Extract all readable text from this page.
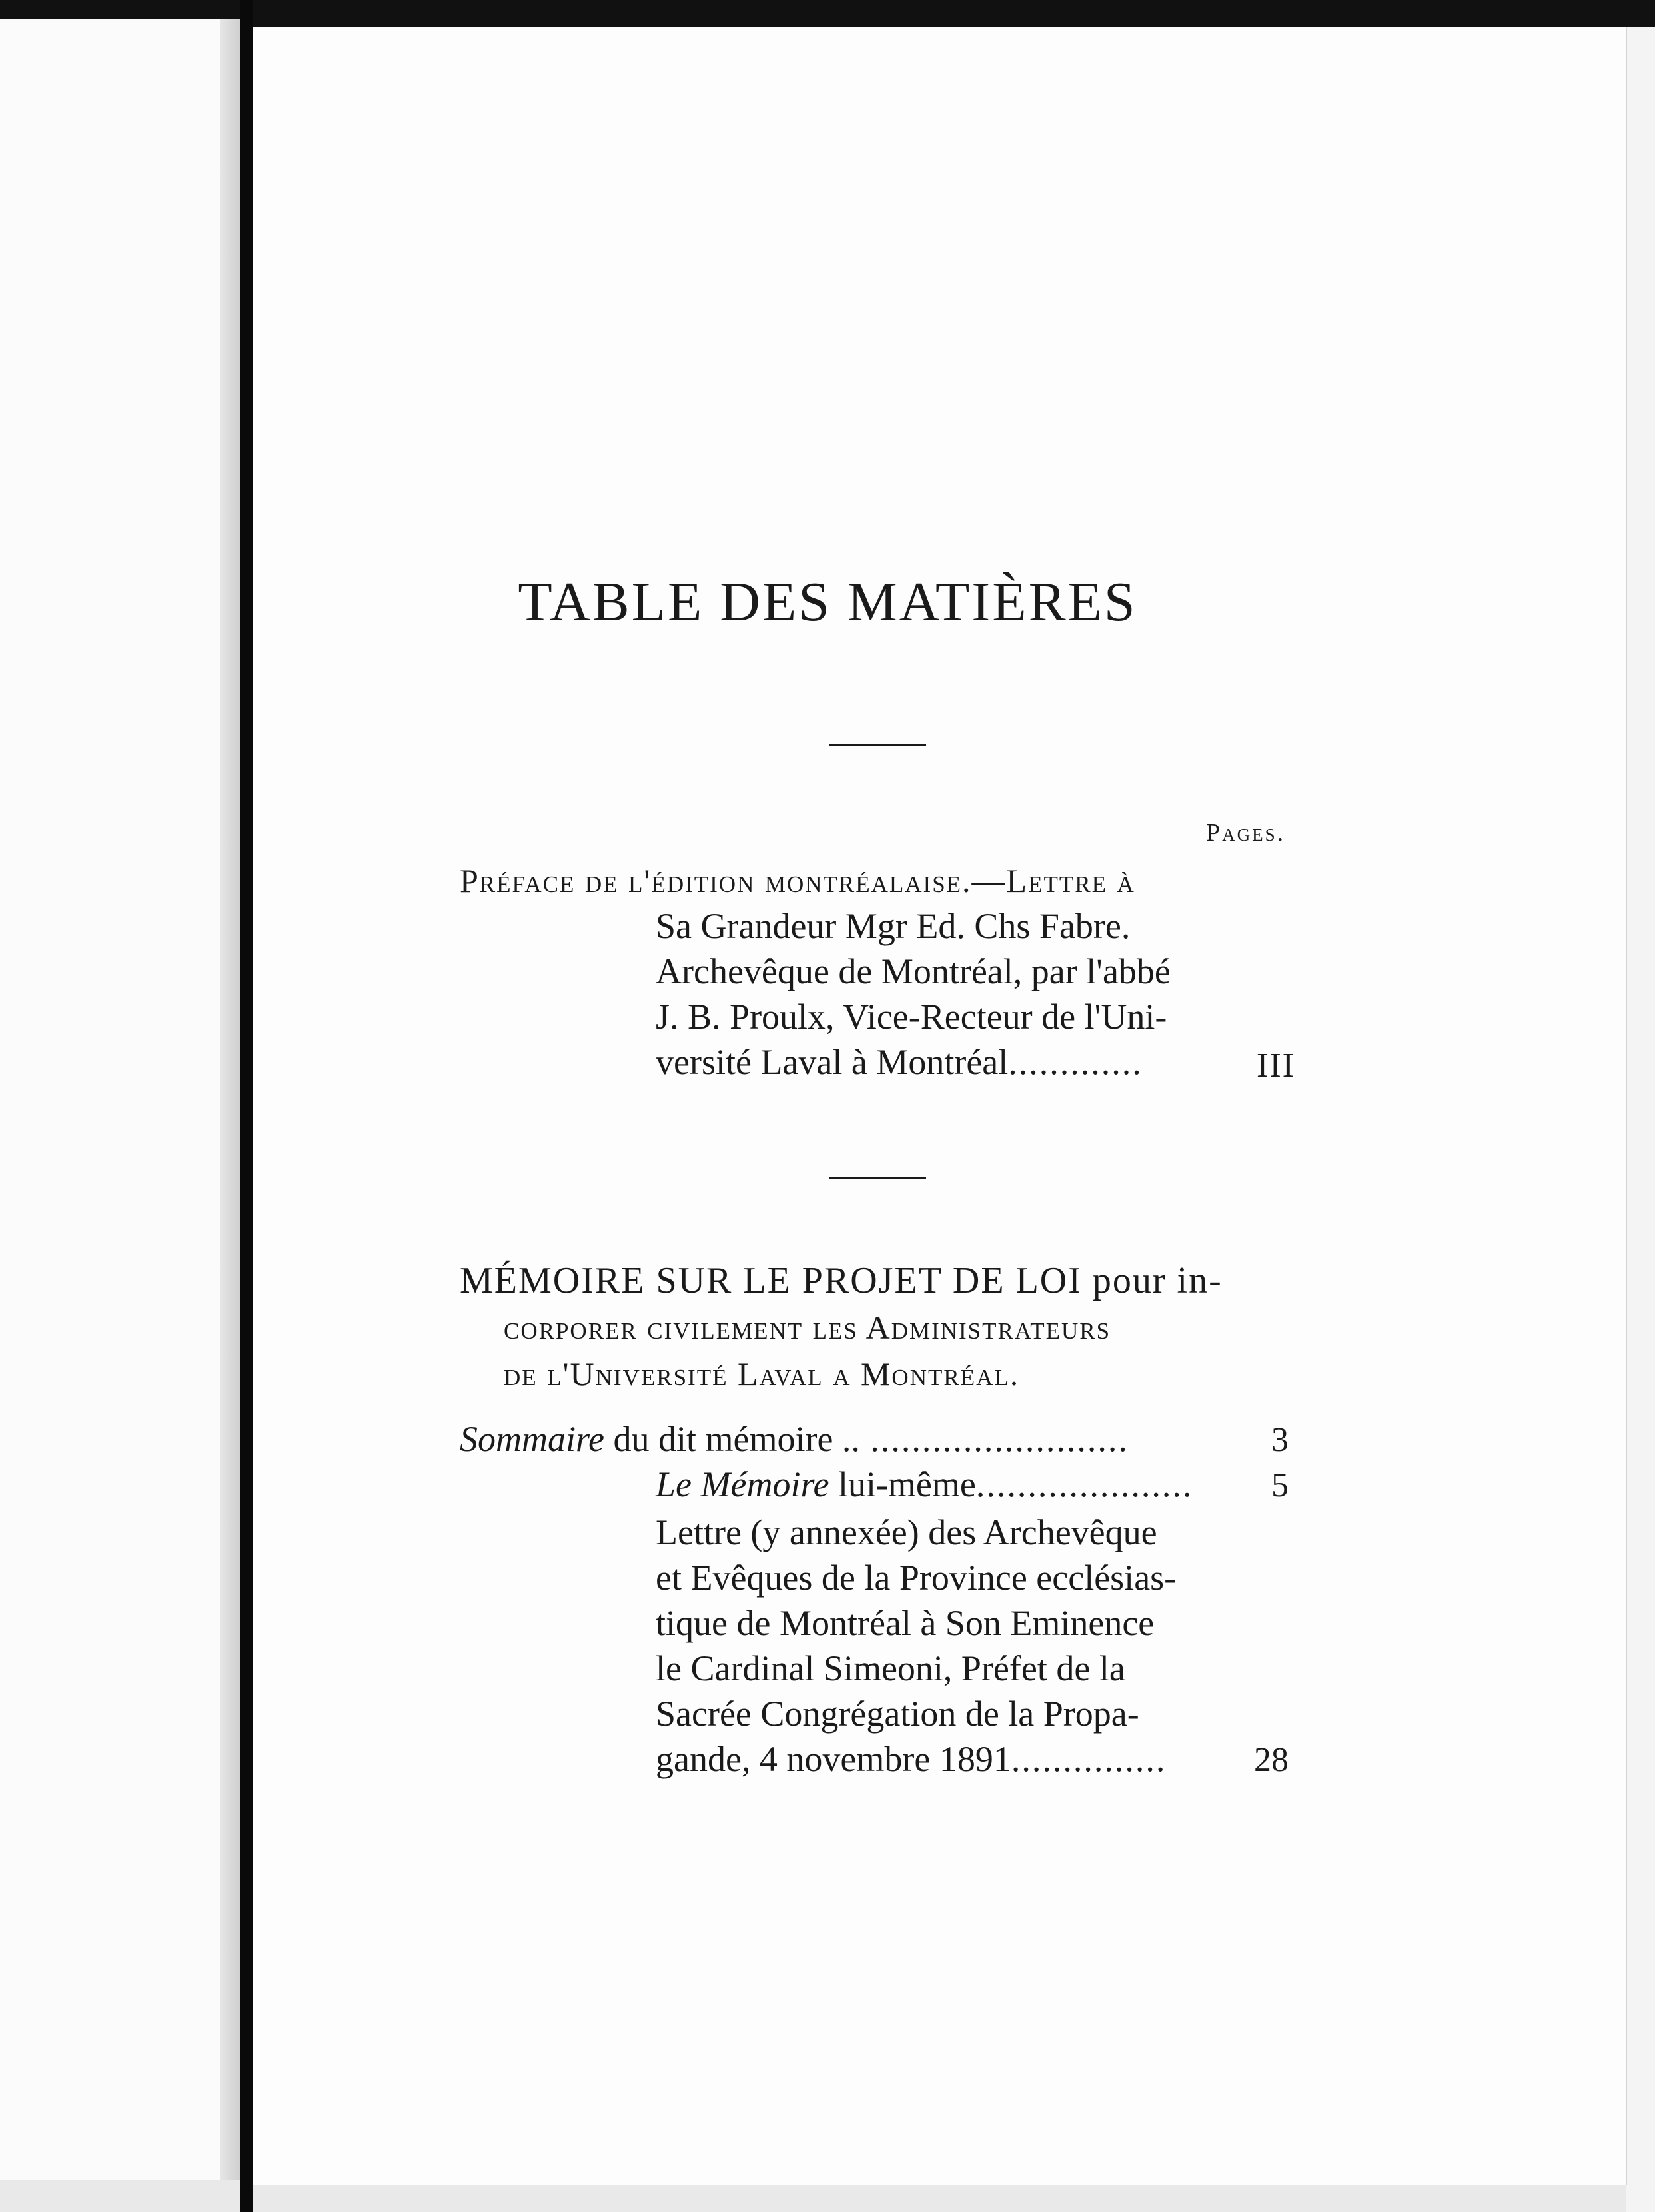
TABLE DES MATIÈRES
Pages.
Préface de l'édition montréalaise.—Lettre à
Sa Grandeur Mgr Ed. Chs Fabre.
Archevêque de Montréal, par l'abbé
J. B. Proulx, Vice-Recteur de l'Uni-
versité Laval à Montréal.............	III
MÉMOIRE SUR LE PROJET DE LOI pour in-
corporer civilement les Administrateurs
de l'Université Laval a Montréal.
Sommaire du dit mémoire .. .........................	3
Le Mémoire lui-même..................... 5
Lettre (y annexée) des Archevêque
et Evêques de la Province ecclésias-
tique de Montréal à Son Eminence
le Cardinal Simeoni, Préfet de la
Sacrée Congrégation de la Propa-
gande, 4 novembre 1891...............	28
